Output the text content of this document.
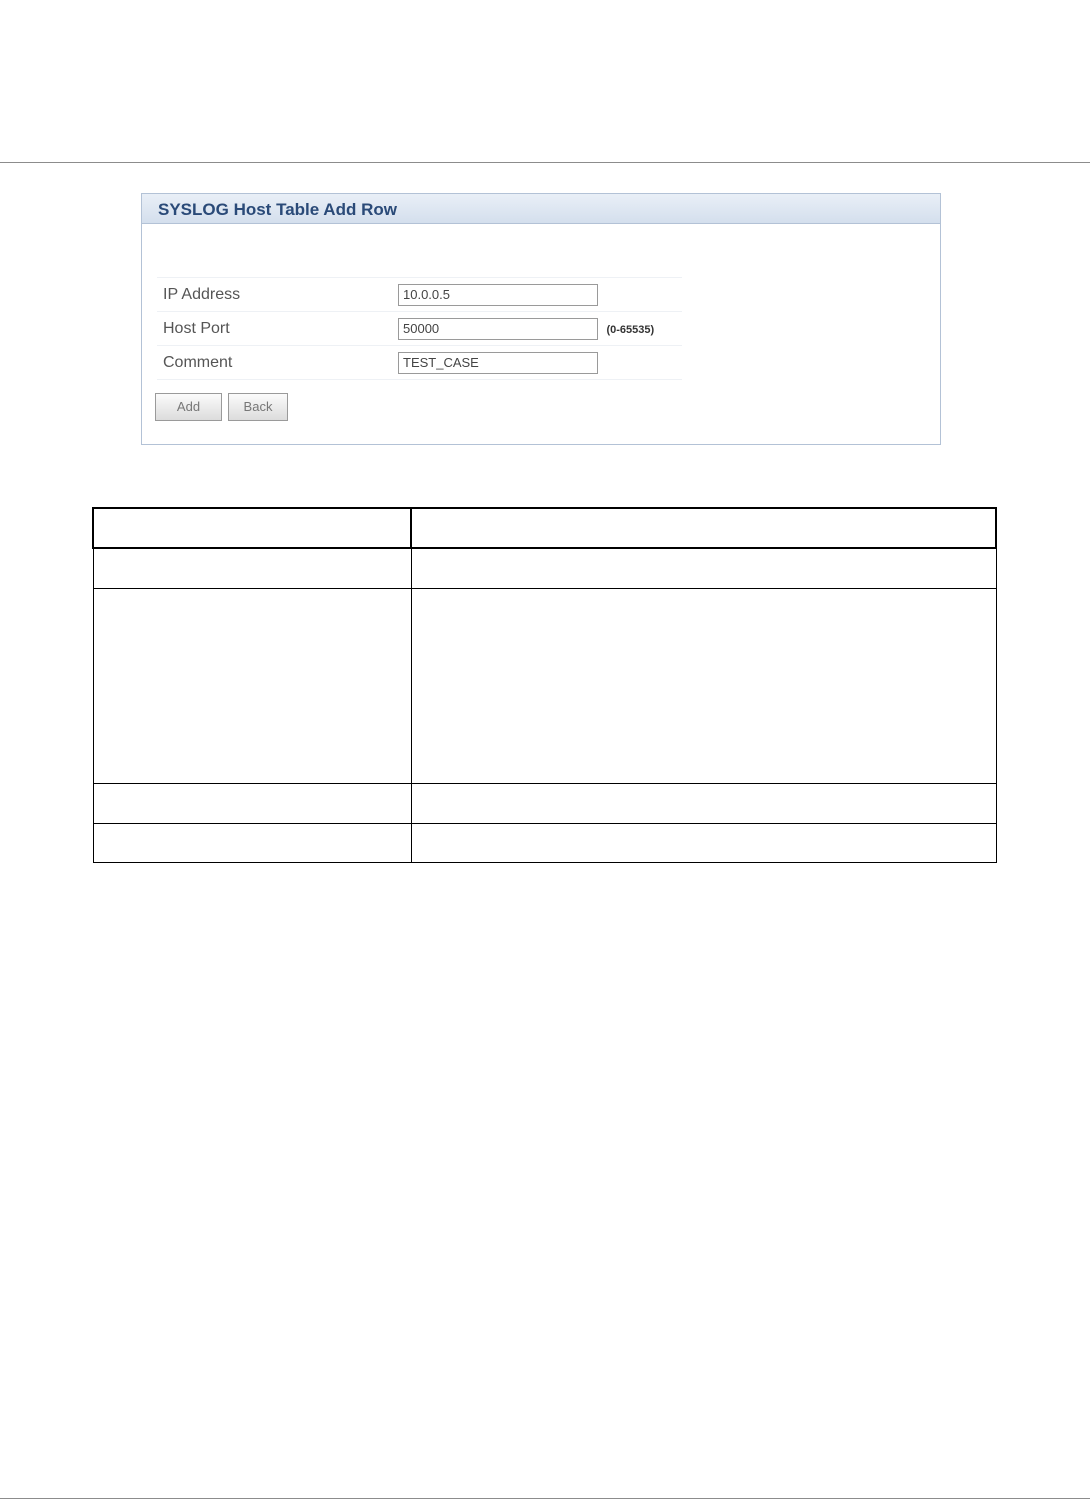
SYSLOG Host Table Add Row
IP Address	10.0.0.5
Host Port	50000(0-65535)
Comment	TEST_CASE
Add	Back
